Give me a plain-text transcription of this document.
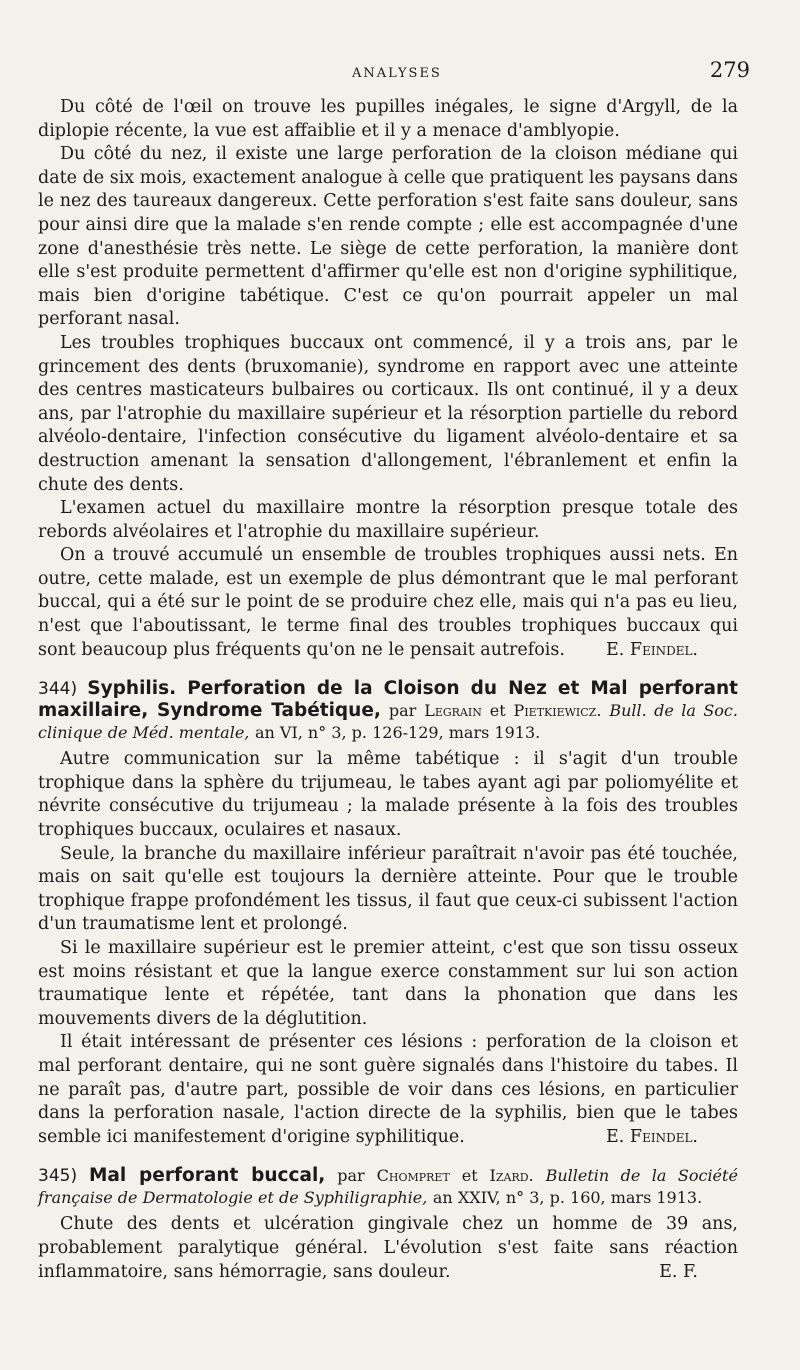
ANALYSES	279

Du côté de l'œil on trouve les pupilles inégales, le signe d'Argyll, de la diplopie récente, la vue est affaiblie et il y a menace d'amblyopie.

Du côté du nez, il existe une large perforation de la cloison médiane qui date de six mois, exactement analogue à celle que pratiquent les paysans dans le nez des taureaux dangereux. Cette perforation s'est faite sans douleur, sans pour ainsi dire que la malade s'en rende compte ; elle est accompagnée d'une zone d'anesthésie très nette. Le siège de cette perforation, la manière dont elle s'est produite permettent d'affirmer qu'elle est non d'origine syphilitique, mais bien d'origine tabétique. C'est ce qu'on pourrait appeler un mal perforant nasal.

Les troubles trophiques buccaux ont commencé, il y a trois ans, par le grincement des dents (bruxomanie), syndrome en rapport avec une atteinte des centres masticateurs bulbaires ou corticaux. Ils ont continué, il y a deux ans, par l'atrophie du maxillaire supérieur et la résorption partielle du rebord alvéolo-dentaire, l'infection consécutive du ligament alvéolo-dentaire et sa destruction amenant la sensation d'allongement, l'ébranlement et enfin la chute des dents.

L'examen actuel du maxillaire montre la résorption presque totale des rebords alvéolaires et l'atrophie du maxillaire supérieur.

On a trouvé accumulé un ensemble de troubles trophiques aussi nets. En outre, cette malade, est un exemple de plus démontrant que le mal perforant buccal, qui a été sur le point de se produire chez elle, mais qui n'a pas eu lieu, n'est que l'aboutissant, le terme final des troubles trophiques buccaux qui sont beaucoup plus fréquents qu'on ne le pensait autrefois.	E. Feindel.

344) Syphilis. Perforation de la Cloison du Nez et Mal perforant maxillaire, Syndrome Tabétique, par Legrain et Pietkiewicz. Bull. de la Soc. clinique de Méd. mentale, an VI, n° 3, p. 126-129, mars 1913.

Autre communication sur la même tabétique : il s'agit d'un trouble trophique dans la sphère du trijumeau, le tabes ayant agi par poliomyélite et névrite consécutive du trijumeau ; la malade présente à la fois des troubles trophiques buccaux, oculaires et nasaux.

Seule, la branche du maxillaire inférieur paraîtrait n'avoir pas été touchée, mais on sait qu'elle est toujours la dernière atteinte. Pour que le trouble trophique frappe profondément les tissus, il faut que ceux-ci subissent l'action d'un traumatisme lent et prolongé.

Si le maxillaire supérieur est le premier atteint, c'est que son tissu osseux est moins résistant et que la langue exerce constamment sur lui son action traumatique lente et répétée, tant dans la phonation que dans les mouvements divers de la déglutition.

Il était intéressant de présenter ces lésions : perforation de la cloison et mal perforant dentaire, qui ne sont guère signalés dans l'histoire du tabes. Il ne paraît pas, d'autre part, possible de voir dans ces lésions, en particulier dans la perforation nasale, l'action directe de la syphilis, bien que le tabes semble ici manifestement d'origine syphilitique.	E. Feindel.

345) Mal perforant buccal, par Chompret et Izard. Bulletin de la Société française de Dermatologie et de Syphiligraphie, an XXIV, n° 3, p. 160, mars 1913.

Chute des dents et ulcération gingivale chez un homme de 39 ans, probablement paralytique général. L'évolution s'est faite sans réaction inflammatoire, sans hémorragie, sans douleur.	E. F.
